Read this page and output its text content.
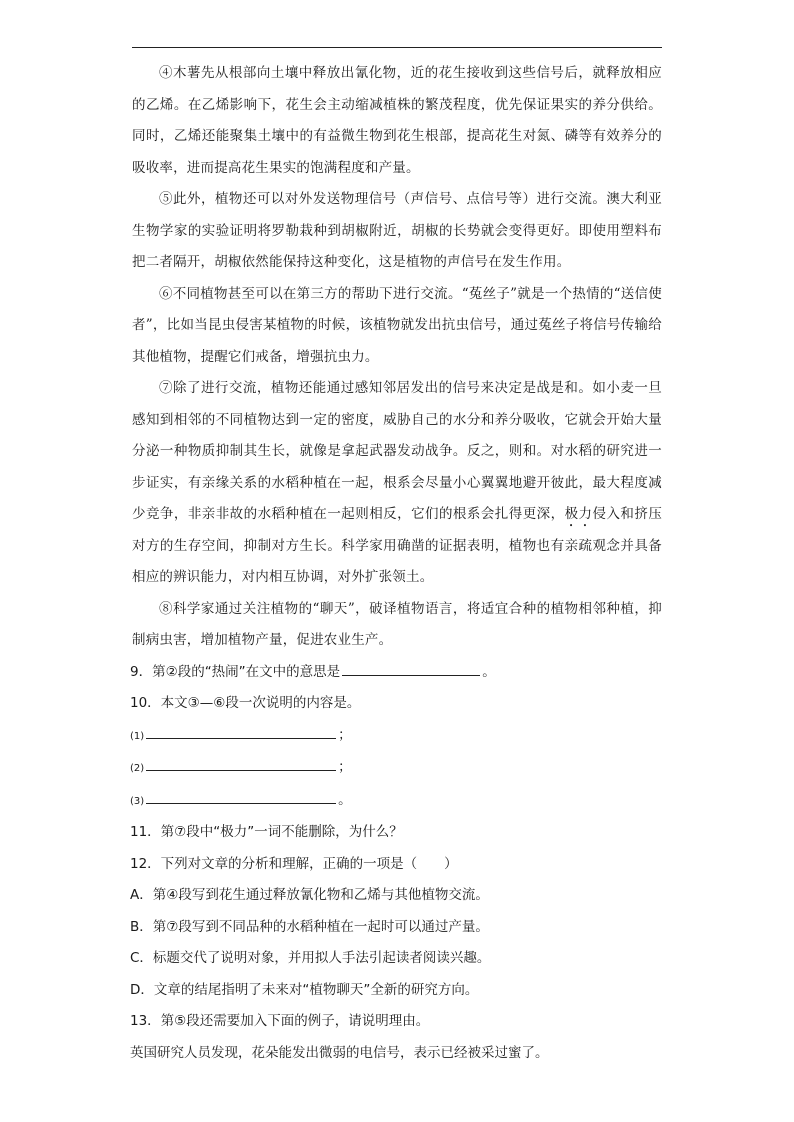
④木薯先从根部向土壤中释放出氰化物，近的花生接收到这些信号后，就释放相应的乙烯。在乙烯影响下，花生会主动缩减植株的繁茂程度，优先保证果实的养分供给。同时，乙烯还能聚集土壤中的有益微生物到花生根部，提高花生对氮、磷等有效养分的吸收率，进而提高花生果实的饱满程度和产量。

⑤此外，植物还可以对外发送物理信号（声信号、点信号等）进行交流。澳大利亚生物学家的实验证明将罗勒栽种到胡椒附近，胡椒的长势就会变得更好。即使用塑料布把二者隔开，胡椒依然能保持这种变化，这是植物的声信号在发生作用。

⑥不同植物甚至可以在第三方的帮助下进行交流。“菟丝子”就是一个热情的“送信使者”，比如当昆虫侵害某植物的时候，该植物就发出抗虫信号，通过菟丝子将信号传输给其他植物，提醒它们戒备，增强抗虫力。

⑦除了进行交流，植物还能通过感知邻居发出的信号来决定是战是和。如小麦一旦感知到相邻的不同植物达到一定的密度，威胁自己的水分和养分吸收，它就会开始大量分泌一种物质抑制其生长，就像是拿起武器发动战争。反之，则和。对水稻的研究进一步证实，有亲缘关系的水稻种植在一起，根系会尽量小心翼翼地避开彼此，最大程度减少竞争，非亲非故的水稻种植在一起则相反，它们的根系会扎得更深，极力侵入和挤压对方的生存空间，抑制对方生长。科学家用确凿的证据表明，植物也有亲疏观念并具备相应的辨识能力，对内相互协调，对外扩张领土。

⑧科学家通过关注植物的“聊天”，破译植物语言，将适宜合种的植物相邻种植，抑制病虫害，增加植物产量，促进农业生产。

9．第②段的“热闹”在文中的意思是	。

10．本文③—⑥段一次说明的内容是。

(1)	；

(2)	；

(3)	。

11．第⑦段中“极力”一词不能删除，为什么？

12．下列对文章的分析和理解，正确的一项是（　　）

A．第④段写到花生通过释放氰化物和乙烯与其他植物交流。

B．第⑦段写到不同品种的水稻种植在一起时可以通过产量。

C．标题交代了说明对象，并用拟人手法引起读者阅读兴趣。

D．文章的结尾指明了未来对“植物聊天”全新的研究方向。

13．第⑤段还需要加入下面的例子，请说明理由。

英国研究人员发现，花朵能发出微弱的电信号，表示已经被采过蜜了。
